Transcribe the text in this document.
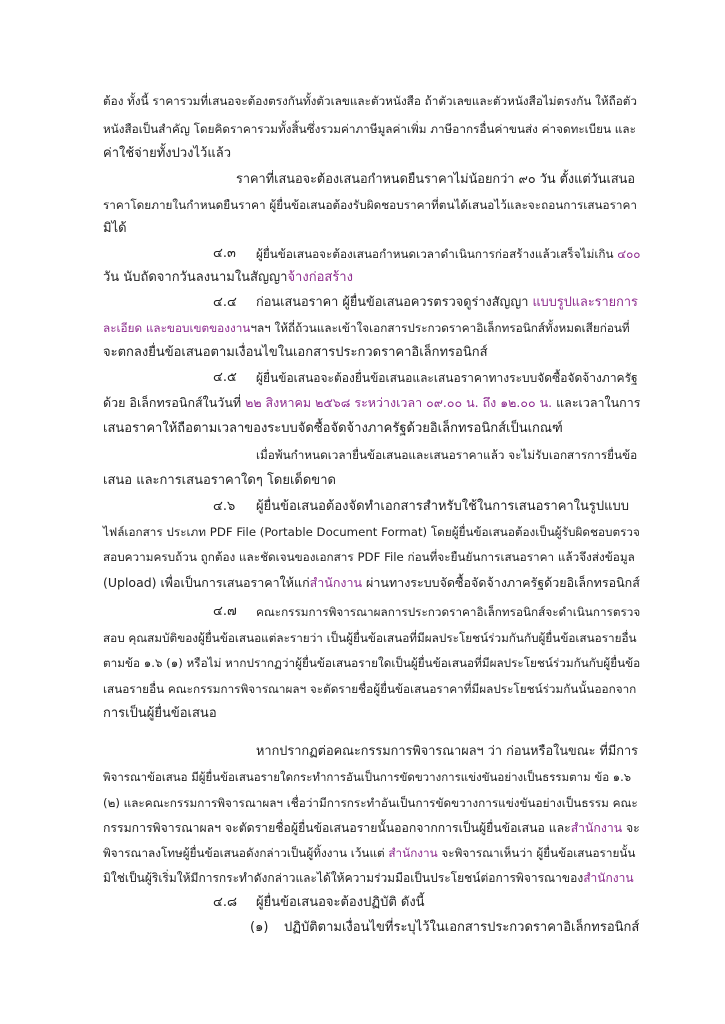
ต้อง ทั้งนี้ ราคารวมที่เสนอจะต้องตรงกันทั้งตัวเลขและตัวหนังสือ ถ้าตัวเลขและตัวหนังสือไม่ตรงกัน ให้ถือตัว
หนังสือเป็นสำคัญ โดยคิดราคารวมทั้งสิ้นซึ่งรวมค่าภาษีมูลค่าเพิ่ม ภาษีอากรอื่นค่าขนส่ง ค่าจดทะเบียน และ
ค่าใช้จ่ายทั้งปวงไว้แล้ว
ราคาที่เสนอจะต้องเสนอกำหนดยืนราคาไม่น้อยกว่า ๙๐ วัน ตั้งแต่วันเสนอ
ราคาโดยภายในกำหนดยืนราคา ผู้ยื่นข้อเสนอต้องรับผิดชอบราคาที่ตนได้เสนอไว้และจะถอนการเสนอราคา
มิได้
๔.๓ ผู้ยื่นข้อเสนอจะต้องเสนอกำหนดเวลาดำเนินการก่อสร้างแล้วเสร็จไม่เกิน ๔๐๐
วัน นับถัดจากวันลงนามในสัญญาจ้างก่อสร้าง
๔.๔ ก่อนเสนอราคา ผู้ยื่นข้อเสนอควรตรวจดูร่างสัญญา แบบรูปและรายการ
ละเอียด และขอบเขตของงานฯลฯ ให้ถี่ถ้วนและเข้าใจเอกสารประกวดราคาอิเล็กทรอนิกส์ทั้งหมดเสียก่อนที่
จะตกลงยื่นข้อเสนอตามเงื่อนไขในเอกสารประกวดราคาอิเล็กทรอนิกส์
๔.๕ ผู้ยื่นข้อเสนอจะต้องยื่นข้อเสนอและเสนอราคาทางระบบจัดซื้อจัดจ้างภาครัฐ
ด้วย อิเล็กทรอนิกส์ในวันที่ ๒๒ สิงหาคม ๒๕๖๘ ระหว่างเวลา ๐๙.๐๐ น. ถึง ๑๒.๐๐ น. และเวลาในการ
เสนอราคาให้ถือตามเวลาของระบบจัดซื้อจัดจ้างภาครัฐด้วยอิเล็กทรอนิกส์เป็นเกณฑ์
เมื่อพ้นกำหนดเวลายื่นข้อเสนอและเสนอราคาแล้ว จะไม่รับเอกสารการยื่นข้อ
เสนอ และการเสนอราคาใดๆ โดยเด็ดขาด
๔.๖ ผู้ยื่นข้อเสนอต้องจัดทำเอกสารสำหรับใช้ในการเสนอราคาในรูปแบบ
ไฟล์เอกสาร ประเภท PDF File (Portable Document Format) โดยผู้ยื่นข้อเสนอต้องเป็นผู้รับผิดชอบตรวจ
สอบความครบถ้วน ถูกต้อง และชัดเจนของเอกสาร PDF File ก่อนที่จะยืนยันการเสนอราคา แล้วจึงส่งข้อมูล
(Upload) เพื่อเป็นการเสนอราคาให้แก่สำนักงาน ผ่านทางระบบจัดซื้อจัดจ้างภาครัฐด้วยอิเล็กทรอนิกส์
๔.๗ คณะกรรมการพิจารณาผลการประกวดราคาอิเล็กทรอนิกส์จะดำเนินการตรวจ
สอบ คุณสมบัติของผู้ยื่นข้อเสนอแต่ละรายว่า เป็นผู้ยื่นข้อเสนอที่มีผลประโยชน์ร่วมกันกับผู้ยื่นข้อเสนอรายอื่น
ตามข้อ ๑.๖ (๑) หรือไม่ หากปรากฏว่าผู้ยื่นข้อเสนอรายใดเป็นผู้ยื่นข้อเสนอที่มีผลประโยชน์ร่วมกันกับผู้ยื่นข้อ
เสนอรายอื่น คณะกรรมการพิจารณาผลฯ จะตัดรายชื่อผู้ยื่นข้อเสนอราคาที่มีผลประโยชน์ร่วมกันนั้นออกจาก
การเป็นผู้ยื่นข้อเสนอ
หากปรากฏต่อคณะกรรมการพิจารณาผลฯ ว่า ก่อนหรือในขณะ ที่มีการ
พิจารณาข้อเสนอ มีผู้ยื่นข้อเสนอรายใดกระทำการอันเป็นการขัดขวางการแข่งขันอย่างเป็นธรรมตาม ข้อ ๑.๖
(๒) และคณะกรรมการพิจารณาผลฯ เชื่อว่ามีการกระทำอันเป็นการขัดขวางการแข่งขันอย่างเป็นธรรม คณะ
กรรมการพิจารณาผลฯ จะตัดรายชื่อผู้ยื่นข้อเสนอรายนั้นออกจากการเป็นผู้ยื่นข้อเสนอ และสำนักงาน จะ
พิจารณาลงโทษผู้ยื่นข้อเสนอดังกล่าวเป็นผู้ทิ้งงาน เว้นแต่ สำนักงาน จะพิจารณาเห็นว่า ผู้ยื่นข้อเสนอรายนั้น
มิใช่เป็นผู้ริเริ่มให้มีการกระทำดังกล่าวและได้ให้ความร่วมมือเป็นประโยชน์ต่อการพิจารณาของสำนักงาน
๔.๘ ผู้ยื่นข้อเสนอจะต้องปฏิบัติ ดังนี้
(๑) ปฏิบัติตามเงื่อนไขที่ระบุไว้ในเอกสารประกวดราคาอิเล็กทรอนิกส์
